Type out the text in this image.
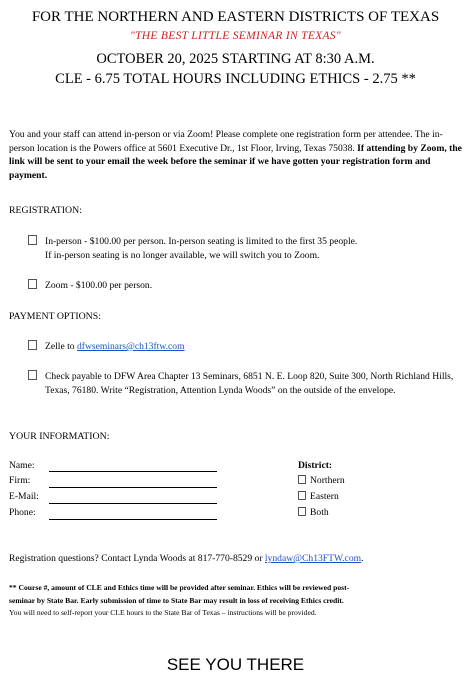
FOR THE NORTHERN AND EASTERN DISTRICTS OF TEXAS
"THE BEST LITTLE SEMINAR IN TEXAS"
OCTOBER 20, 2025 STARTING AT 8:30 A.M.
CLE - 6.75 TOTAL HOURS INCLUDING ETHICS - 2.75 **
You and your staff can attend in-person or via Zoom! Please complete one registration form per attendee. The in-person location is the Powers office at 5601 Executive Dr., 1st Floor, Irving, Texas 75038. If attending by Zoom, the link will be sent to your email the week before the seminar if we have gotten your registration form and payment.
REGISTRATION:
In-person - $100.00 per person. In-person seating is limited to the first 35 people.
If in-person seating is no longer available, we will switch you to Zoom.
Zoom - $100.00 per person.
PAYMENT OPTIONS:
Zelle to dfwseminars@ch13ftw.com
Check payable to DFW Area Chapter 13 Seminars, 6851 N. E. Loop 820, Suite 300, North Richland Hills, Texas, 76180. Write “Registration, Attention Lynda Woods” on the outside of the envelope.
YOUR INFORMATION:
Name:
Firm:
E-Mail:
Phone:
District:
Northern
Eastern
Both
Registration questions? Contact Lynda Woods at 817-770-8529 or lyndaw@Ch13FTW.com.
** Course #, amount of CLE and Ethics time will be provided after seminar. Ethics will be reviewed post-
seminar by State Bar. Early submission of time to State Bar may result in loss of receiving Ethics credit.
You will need to self-report your CLE hours to the State Bar of Texas – instructions will be provided.
SEE YOU THERE
